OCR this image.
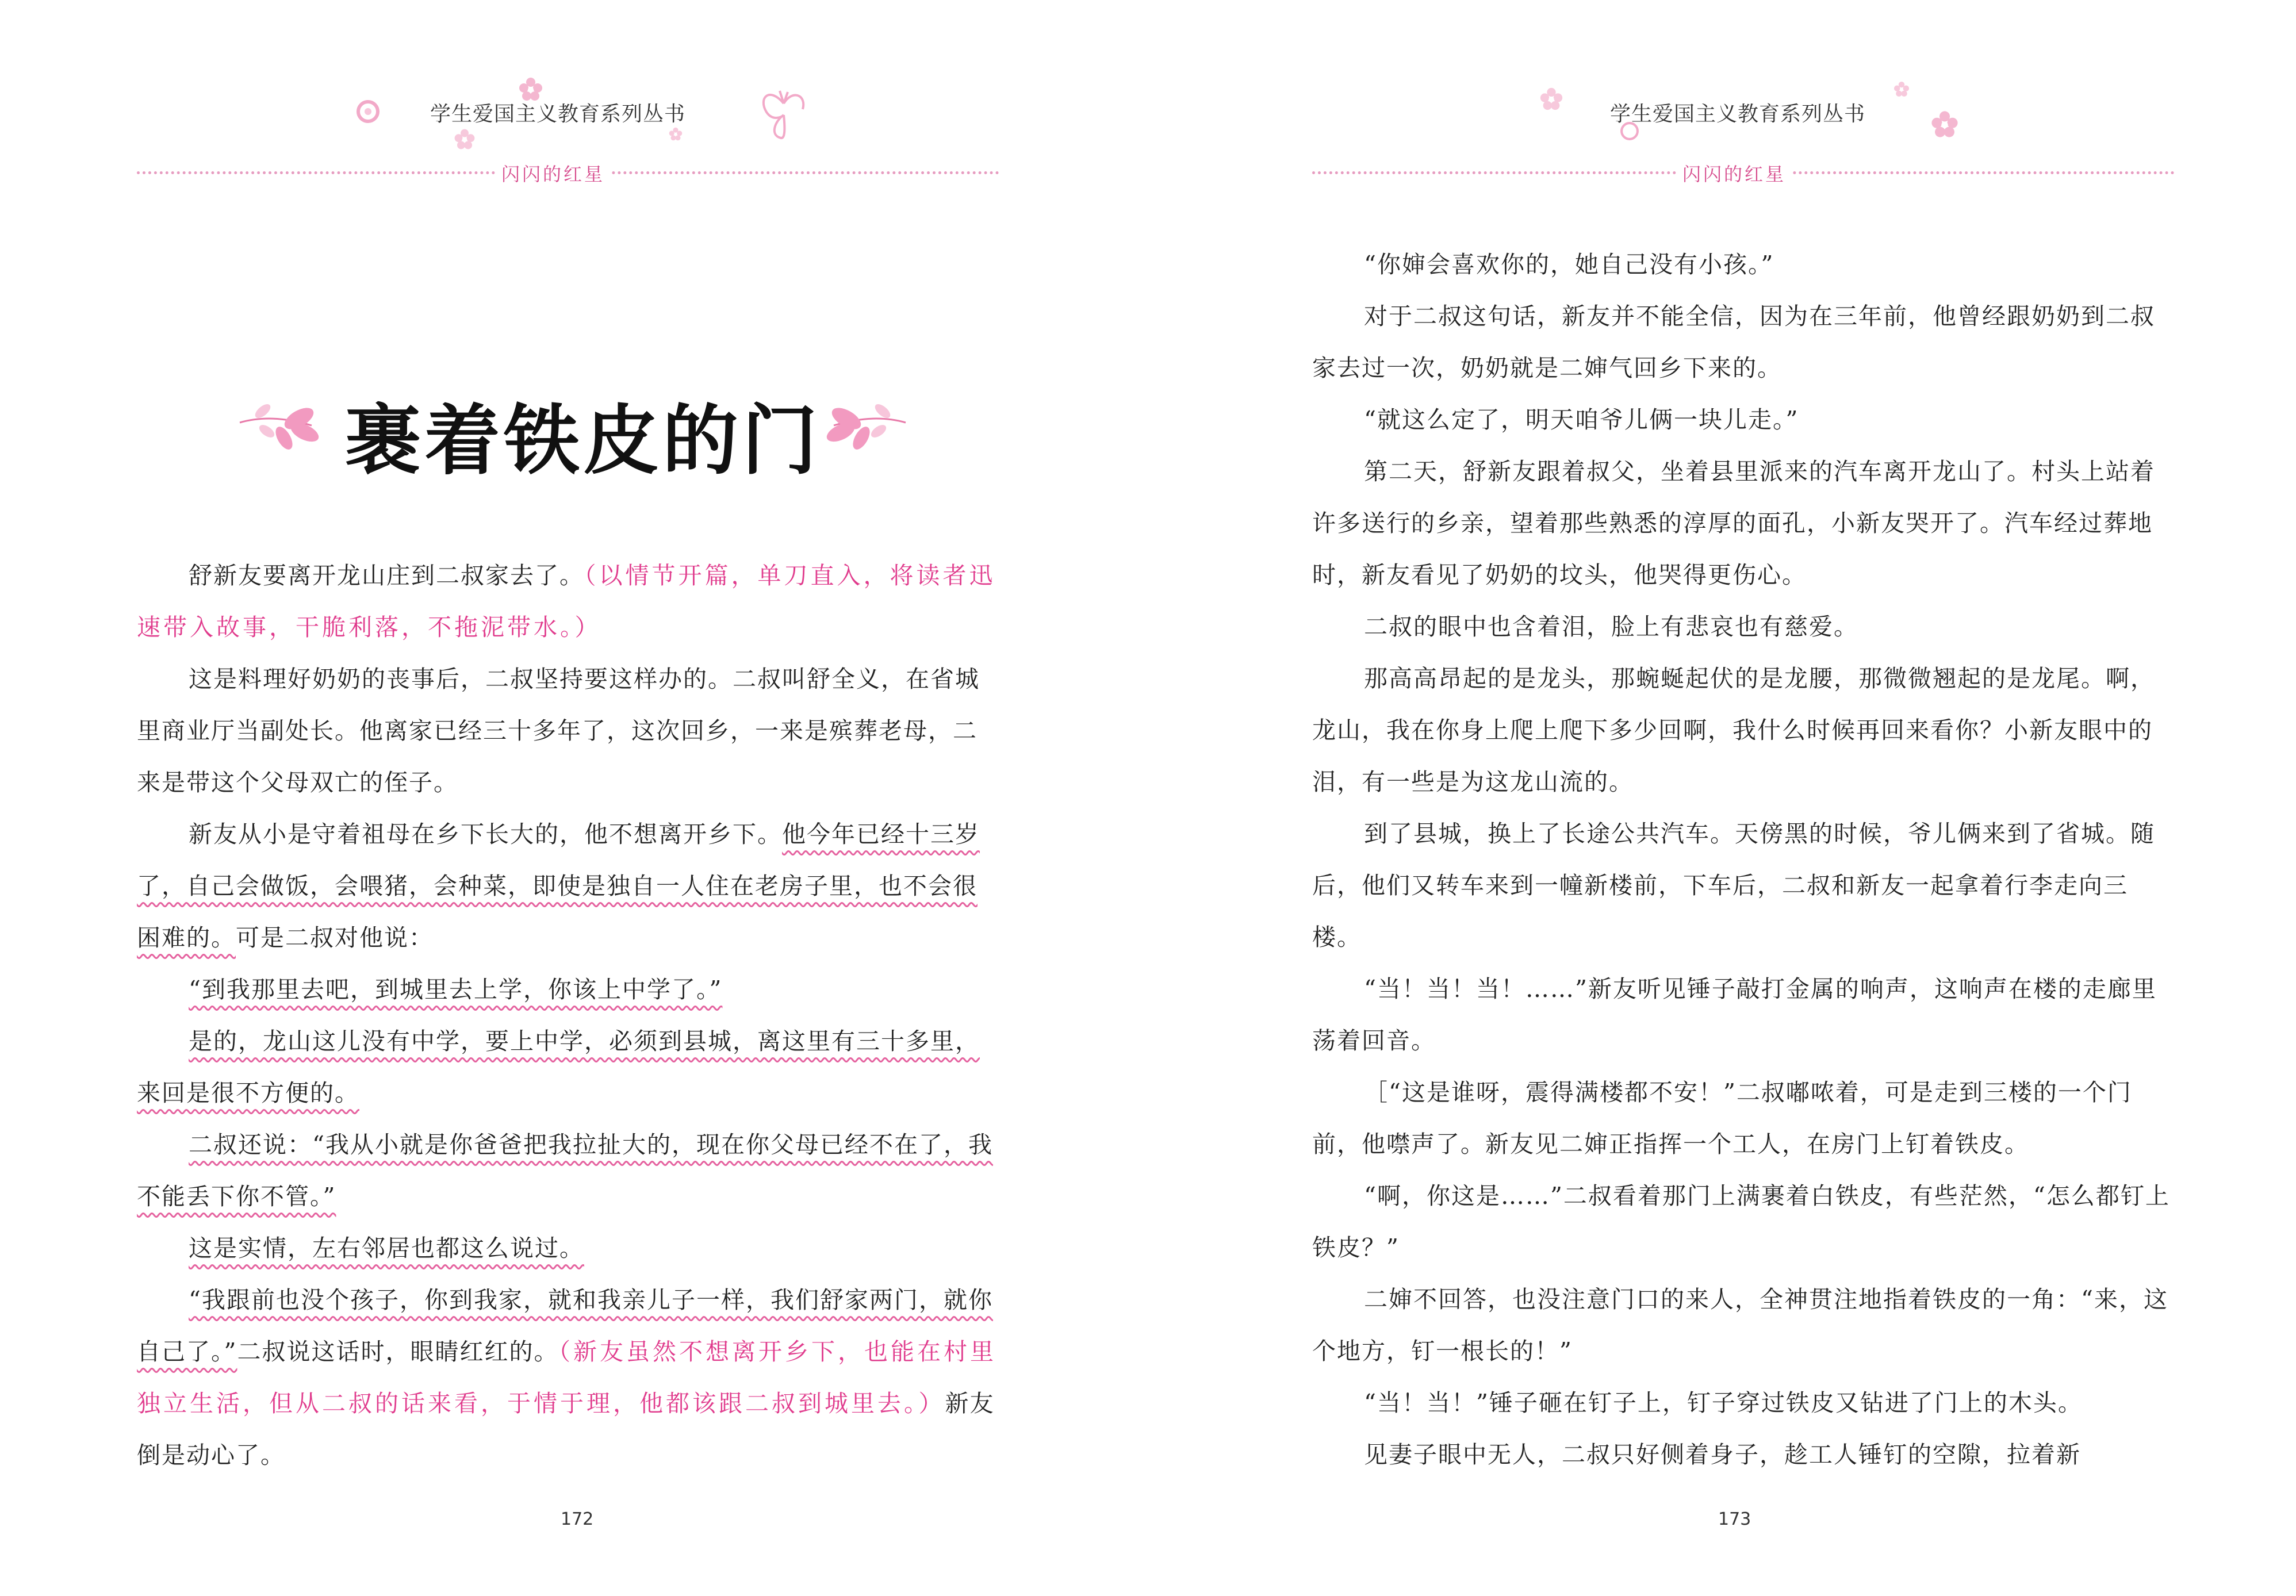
学生爱国主义教育系列丛书
闪闪的红星
裹着铁皮的门

舒新友要离开龙山庄到二叔家去了。（以情节开篇，单刀直入，将读者迅速带入故事，干脆利落，不拖泥带水。）

这是料理好奶奶的丧事后，二叔坚持要这样办的。二叔叫舒全义，在省城里商业厅当副处长。他离家已经三十多年了，这次回乡，一来是殡葬老母，二来是带这个父母双亡的侄子。

新友从小是守着祖母在乡下长大的，他不想离开乡下。他今年已经十三岁了，自己会做饭，会喂猪，会种菜，即使是独自一人住在老房子里，也不会很困难的。可是二叔对他说：

“到我那里去吧，到城里去上学，你该上中学了。”

是的，龙山这儿没有中学，要上中学，必须到县城，离这里有三十多里，来回是很不方便的。

二叔还说：“我从小就是你爸爸把我拉扯大的，现在你父母已经不在了，我不能丢下你不管。”

这是实情，左右邻居也都这么说过。

“我跟前也没个孩子，你到我家，就和我亲儿子一样，我们舒家两门，就你自己了。”二叔说这话时，眼睛红红的。（新友虽然不想离开乡下，也能在村里独立生活，但从二叔的话来看，于情于理，他都该跟二叔到城里去。）新友倒是动心了。

172
学生爱国主义教育系列丛书
闪闪的红星

“你婶会喜欢你的，她自己没有小孩。”

对于二叔这句话，新友并不能全信，因为在三年前，他曾经跟奶奶到二叔家去过一次，奶奶就是二婶气回乡下来的。

“就这么定了，明天咱爷儿俩一块儿走。”

第二天，舒新友跟着叔父，坐着县里派来的汽车离开龙山了。村头上站着许多送行的乡亲，望着那些熟悉的淳厚的面孔，小新友哭开了。汽车经过葬地时，新友看见了奶奶的坟头，他哭得更伤心。

二叔的眼中也含着泪，脸上有悲哀也有慈爱。

那高高昂起的是龙头，那蜿蜒起伏的是龙腰，那微微翘起的是龙尾。啊，龙山，我在你身上爬上爬下多少回啊，我什么时候再回来看你？小新友眼中的泪，有一些是为这龙山流的。

到了县城，换上了长途公共汽车。天傍黑的时候，爷儿俩来到了省城。随后，他们又转车来到一幢新楼前，下车后，二叔和新友一起拿着行李走向三楼。

“当！当！当！……”新友听见锤子敲打金属的响声，这响声在楼的走廊里荡着回音。

［“这是谁呀，震得满楼都不安！”二叔嘟哝着，可是走到三楼的一个门前，他噤声了。新友见二婶正指挥一个工人，在房门上钉着铁皮。

“啊，你这是……”二叔看着那门上满裹着白铁皮，有些茫然，“怎么都钉上铁皮？”

二婶不回答，也没注意门口的来人，全神贯注地指着铁皮的一角：“来，这个地方，钉一根长的！”

“当！当！”锤子砸在钉子上，钉子穿过铁皮又钻进了门上的木头。

见妻子眼中无人，二叔只好侧着身子，趁工人锤钉的空隙，拉着新

173
